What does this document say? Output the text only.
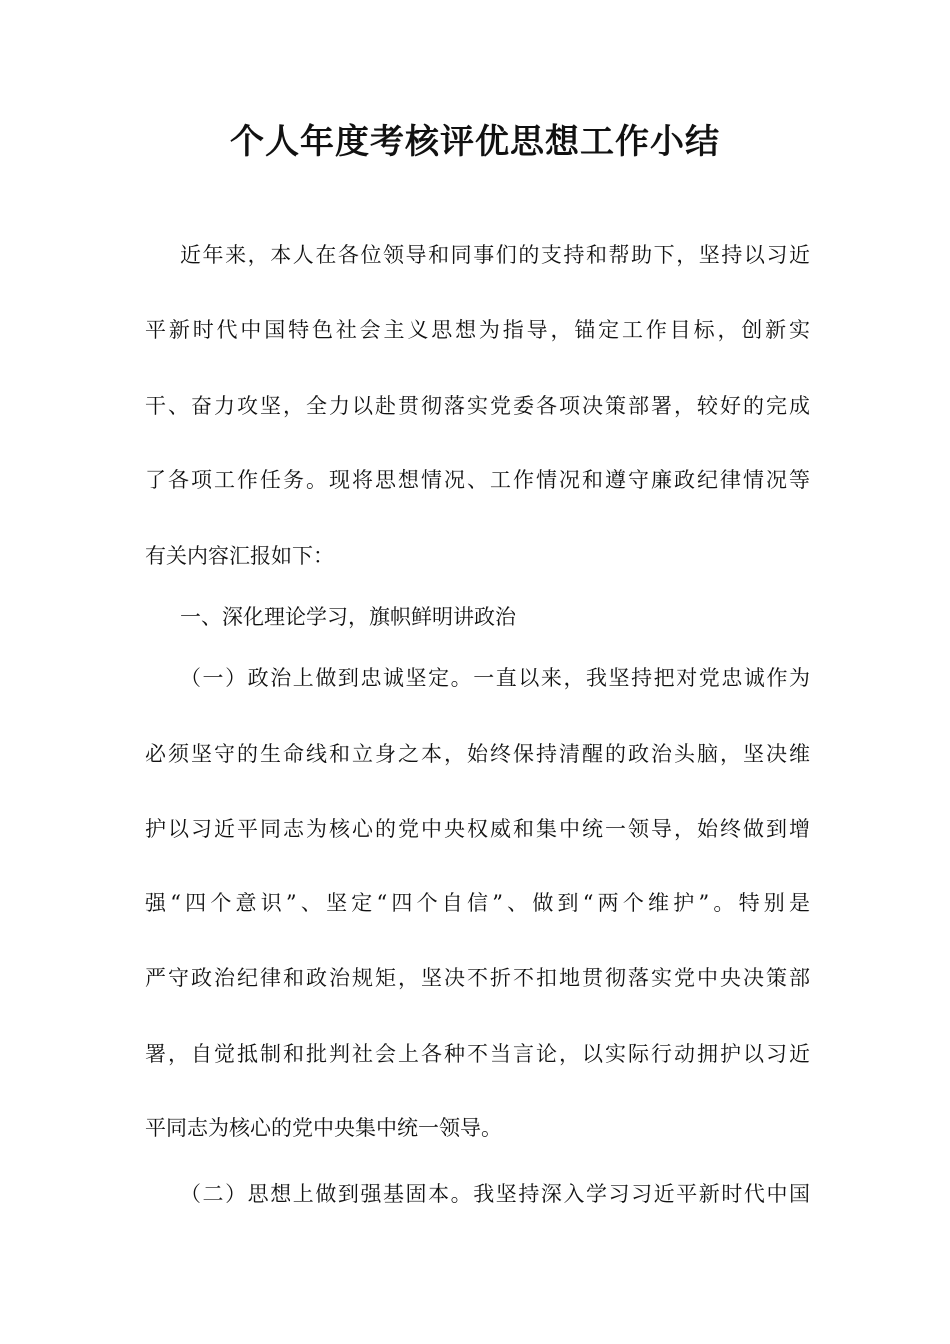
个人年度考核评优思想工作小结
近年来，本人在各位领导和同事们的支持和帮助下，坚持以习近
平新时代中国特色社会主义思想为指导，锚定工作目标，创新实
干、奋力攻坚，全力以赴贯彻落实党委各项决策部署，较好的完成
了各项工作任务。现将思想情况、工作情况和遵守廉政纪律情况等
有关内容汇报如下：
一、深化理论学习，旗帜鲜明讲政治
（一）政治上做到忠诚坚定。一直以来，我坚持把对党忠诚作为
必须坚守的生命线和立身之本，始终保持清醒的政治头脑，坚决维
护以习近平同志为核心的党中央权威和集中统一领导，始终做到增
强“四个意识”、坚定“四个自信”、做到“两个维护”。特别是
严守政治纪律和政治规矩，坚决不折不扣地贯彻落实党中央决策部
署，自觉抵制和批判社会上各种不当言论，以实际行动拥护以习近
平同志为核心的党中央集中统一领导。
（二）思想上做到强基固本。我坚持深入学习习近平新时代中国
